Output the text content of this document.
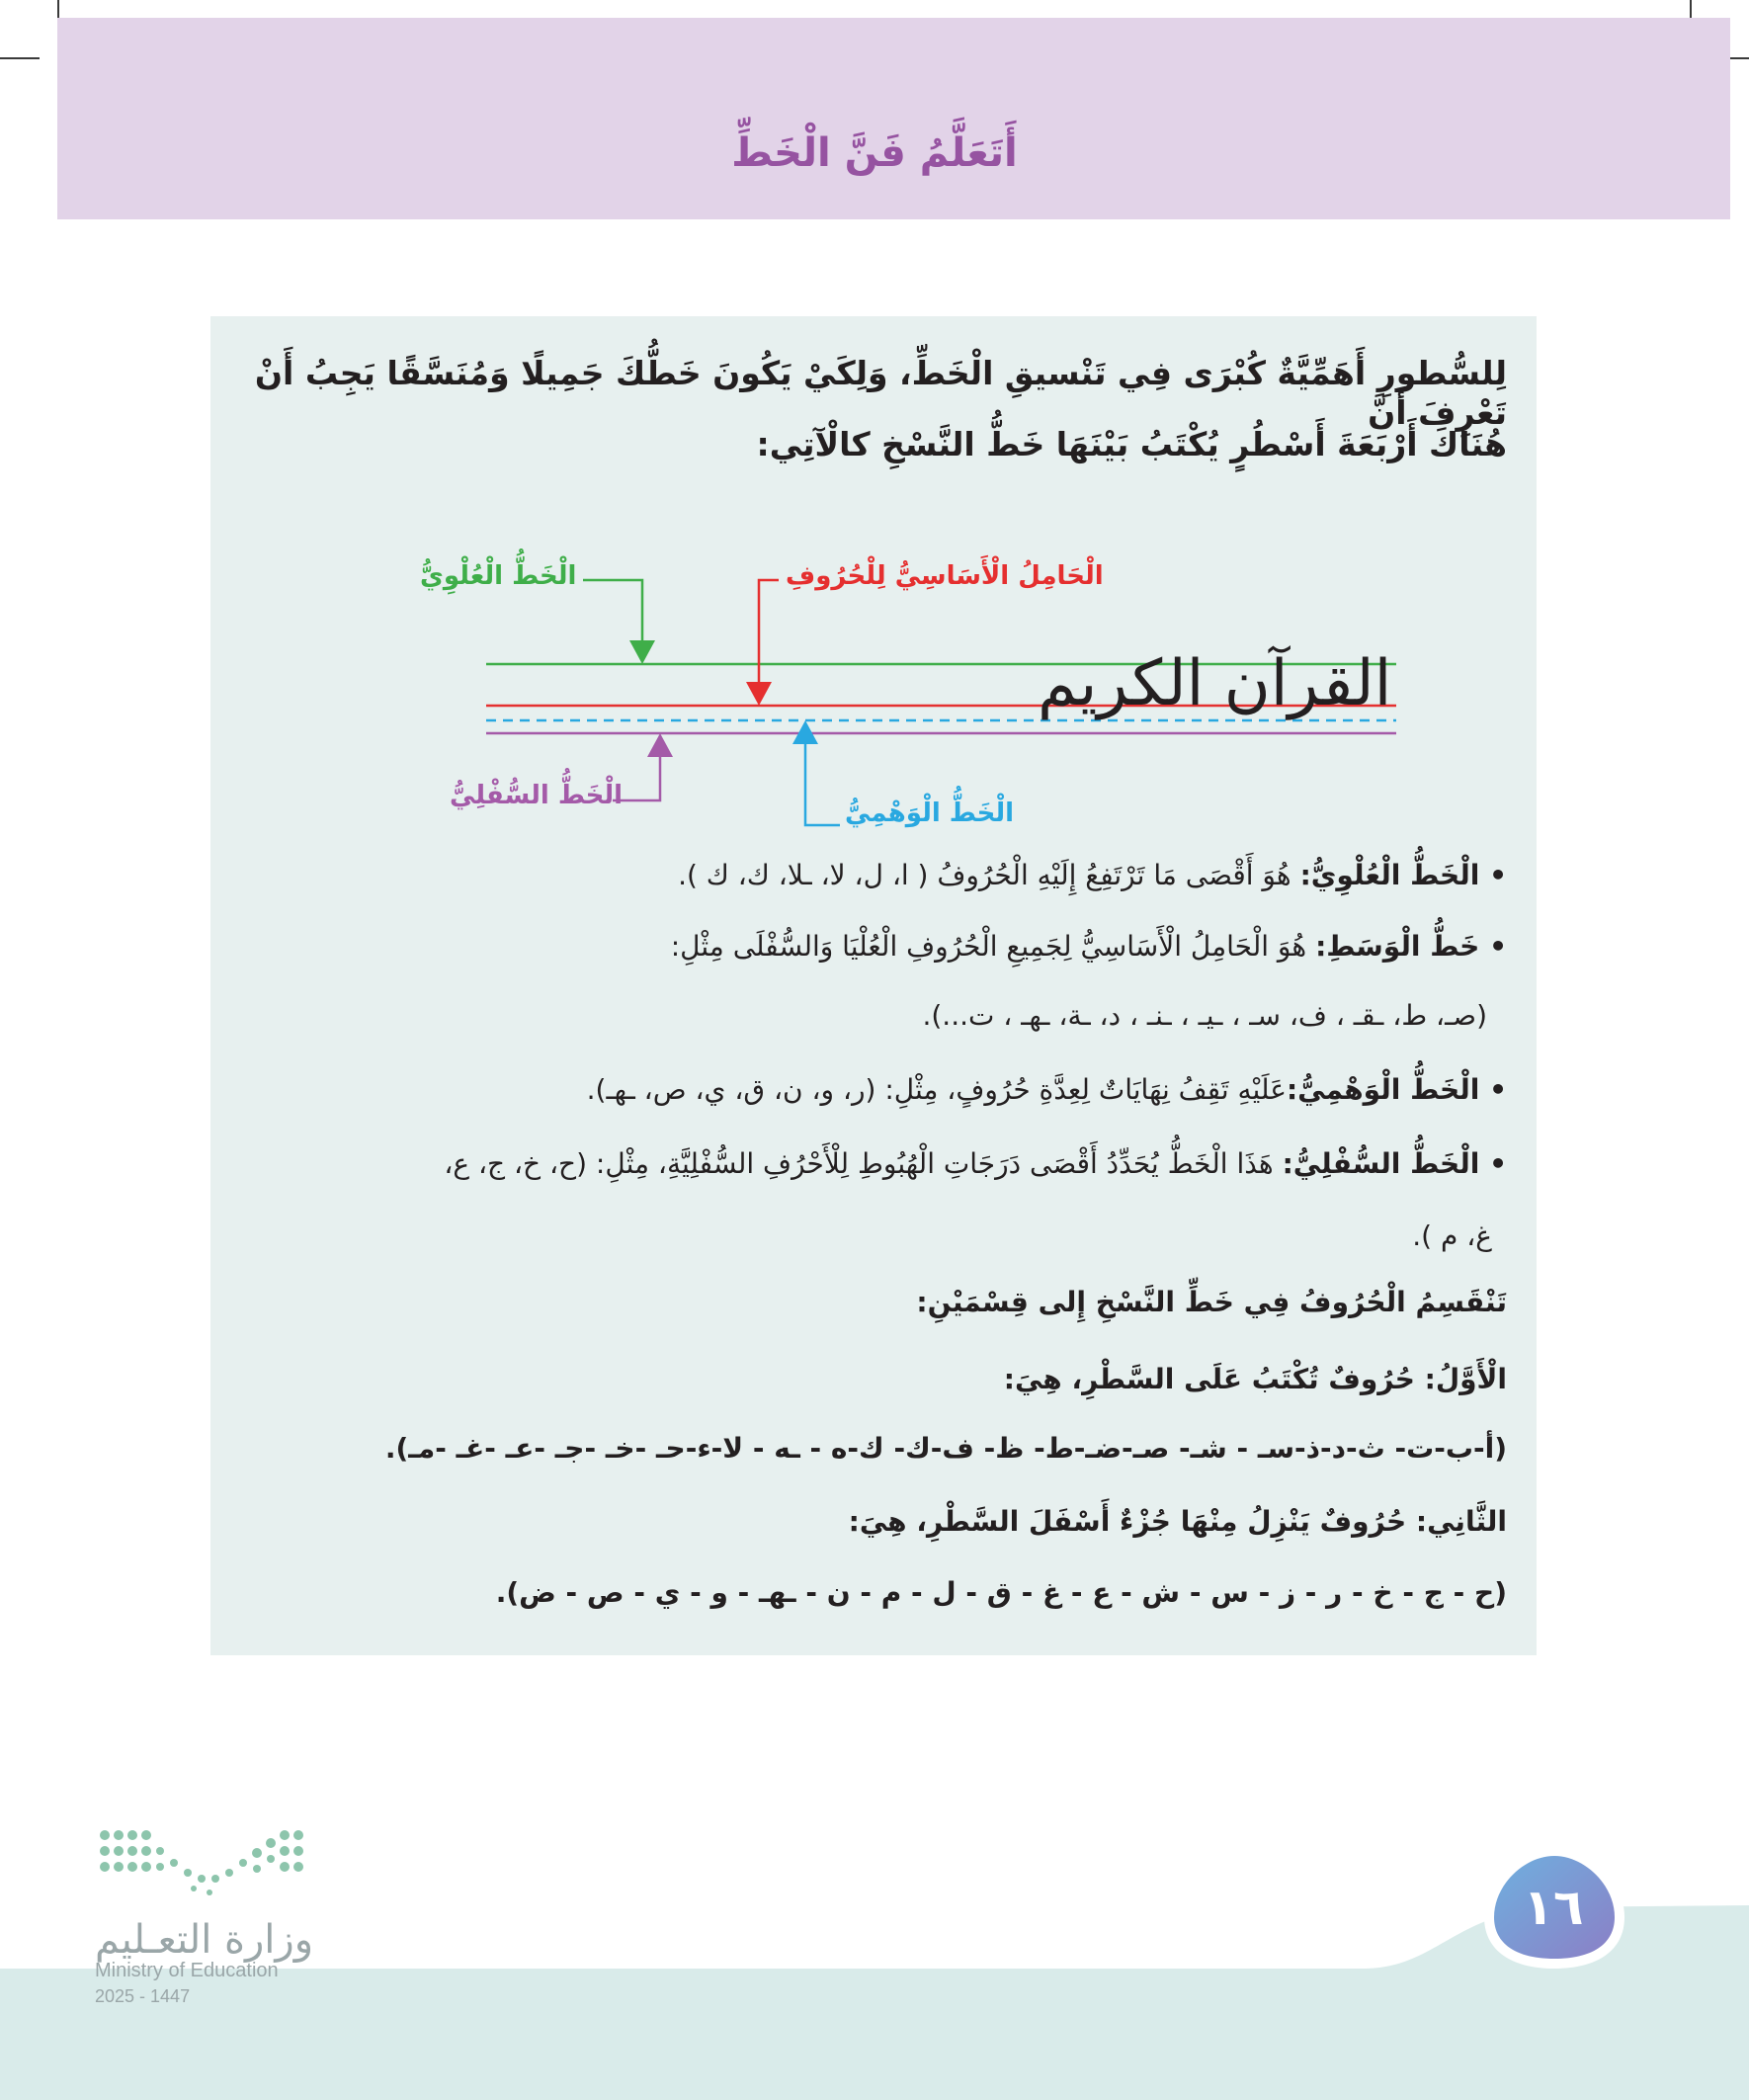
أَتَعَلَّمُ فَنَّ الْخَطِّ
لِلسُّطورِ أَهَمِّيَّةٌ كُبْرَى فِي تَنْسيقِ الْخَطِّ، وَلِكَيْ يَكُونَ خَطُّكَ جَمِيلًا وَمُنَسَّقًا يَجِبُ أَنْ تَعْرِفَ أَنَّ
هُنَاكَ أَرْبَعَةَ أَسْطُرٍ يُكْتَبُ بَيْنَهَا خَطُّ النَّسْخِ كالْآتِي:
القرآن الكريم
الْخَطُّ الْعُلْوِيُّ	الْحَامِلُ الْأَسَاسِيُّ لِلْحُرُوفِ
الْخَطُّ السُّفْلِيُّ
الْخَطُّ الْوَهْمِيُّ
• الْخَطُّ الْعُلْوِيُّ: هُوَ أَقْصَى مَا تَرْتَفِعُ إِلَيْهِ الْحُرُوفُ ( ا، ل، لا، ـلا، ك، ك ).
• خَطُّ الْوَسَطِ: هُوَ الْحَامِلُ الْأَسَاسِيُّ لِجَمِيعِ الْحُرُوفِ الْعُلْيَا وَالسُّفْلَى مِثْلِ:
(صـ، ط، ـقـ ، ف، سـ ، ـيـ ، ـنـ ، د، ـة، ـهـ ، ت...).
• الْخَطُّ الْوَهْمِيُّ:عَلَيْهِ تَقِفُ نِهَايَاتٌ لِعِدَّةِ حُرُوفٍ، مِثْلِ: (ر، و، ن، ق، ي، ص، ـهـ).
• الْخَطُّ السُّفْلِيُّ: هَذَا الْخَطُّ يُحَدِّدُ أَقْصَى دَرَجَاتِ الْهُبُوطِ لِلْأَحْرُفِ السُّفْلِيَّةِ، مِثْلِ: (ح، خ، ج، ع،
غ، م ).
تَنْقَسِمُ الْحُرُوفُ فِي خَطِّ النَّسْخِ إِلى قِسْمَيْنِ:
الْأَوَّلُ: حُرُوفٌ تُكْتَبُ عَلَى السَّطْرِ، هِيَ:
(أ-ب-ت- ث-د-ذ-سـ - شـ- صـ-ضـ-ط- ظ- ف-ك- ك-ه - ـه - لا-ء-حـ -خـ -جـ -عـ -غـ -مـ).
الثَّانِي: حُرُوفٌ يَنْزِلُ مِنْهَا جُزْءٌ أَسْفَلَ السَّطْرِ، هِيَ:
(ح - ج - خ - ر - ز - س - ش - ع - غ - ق - ل - م - ن - ـهـ - و - ي - ص - ض).
١٦
وزارة التعـليم
Ministry of Education
2025 - 1447
